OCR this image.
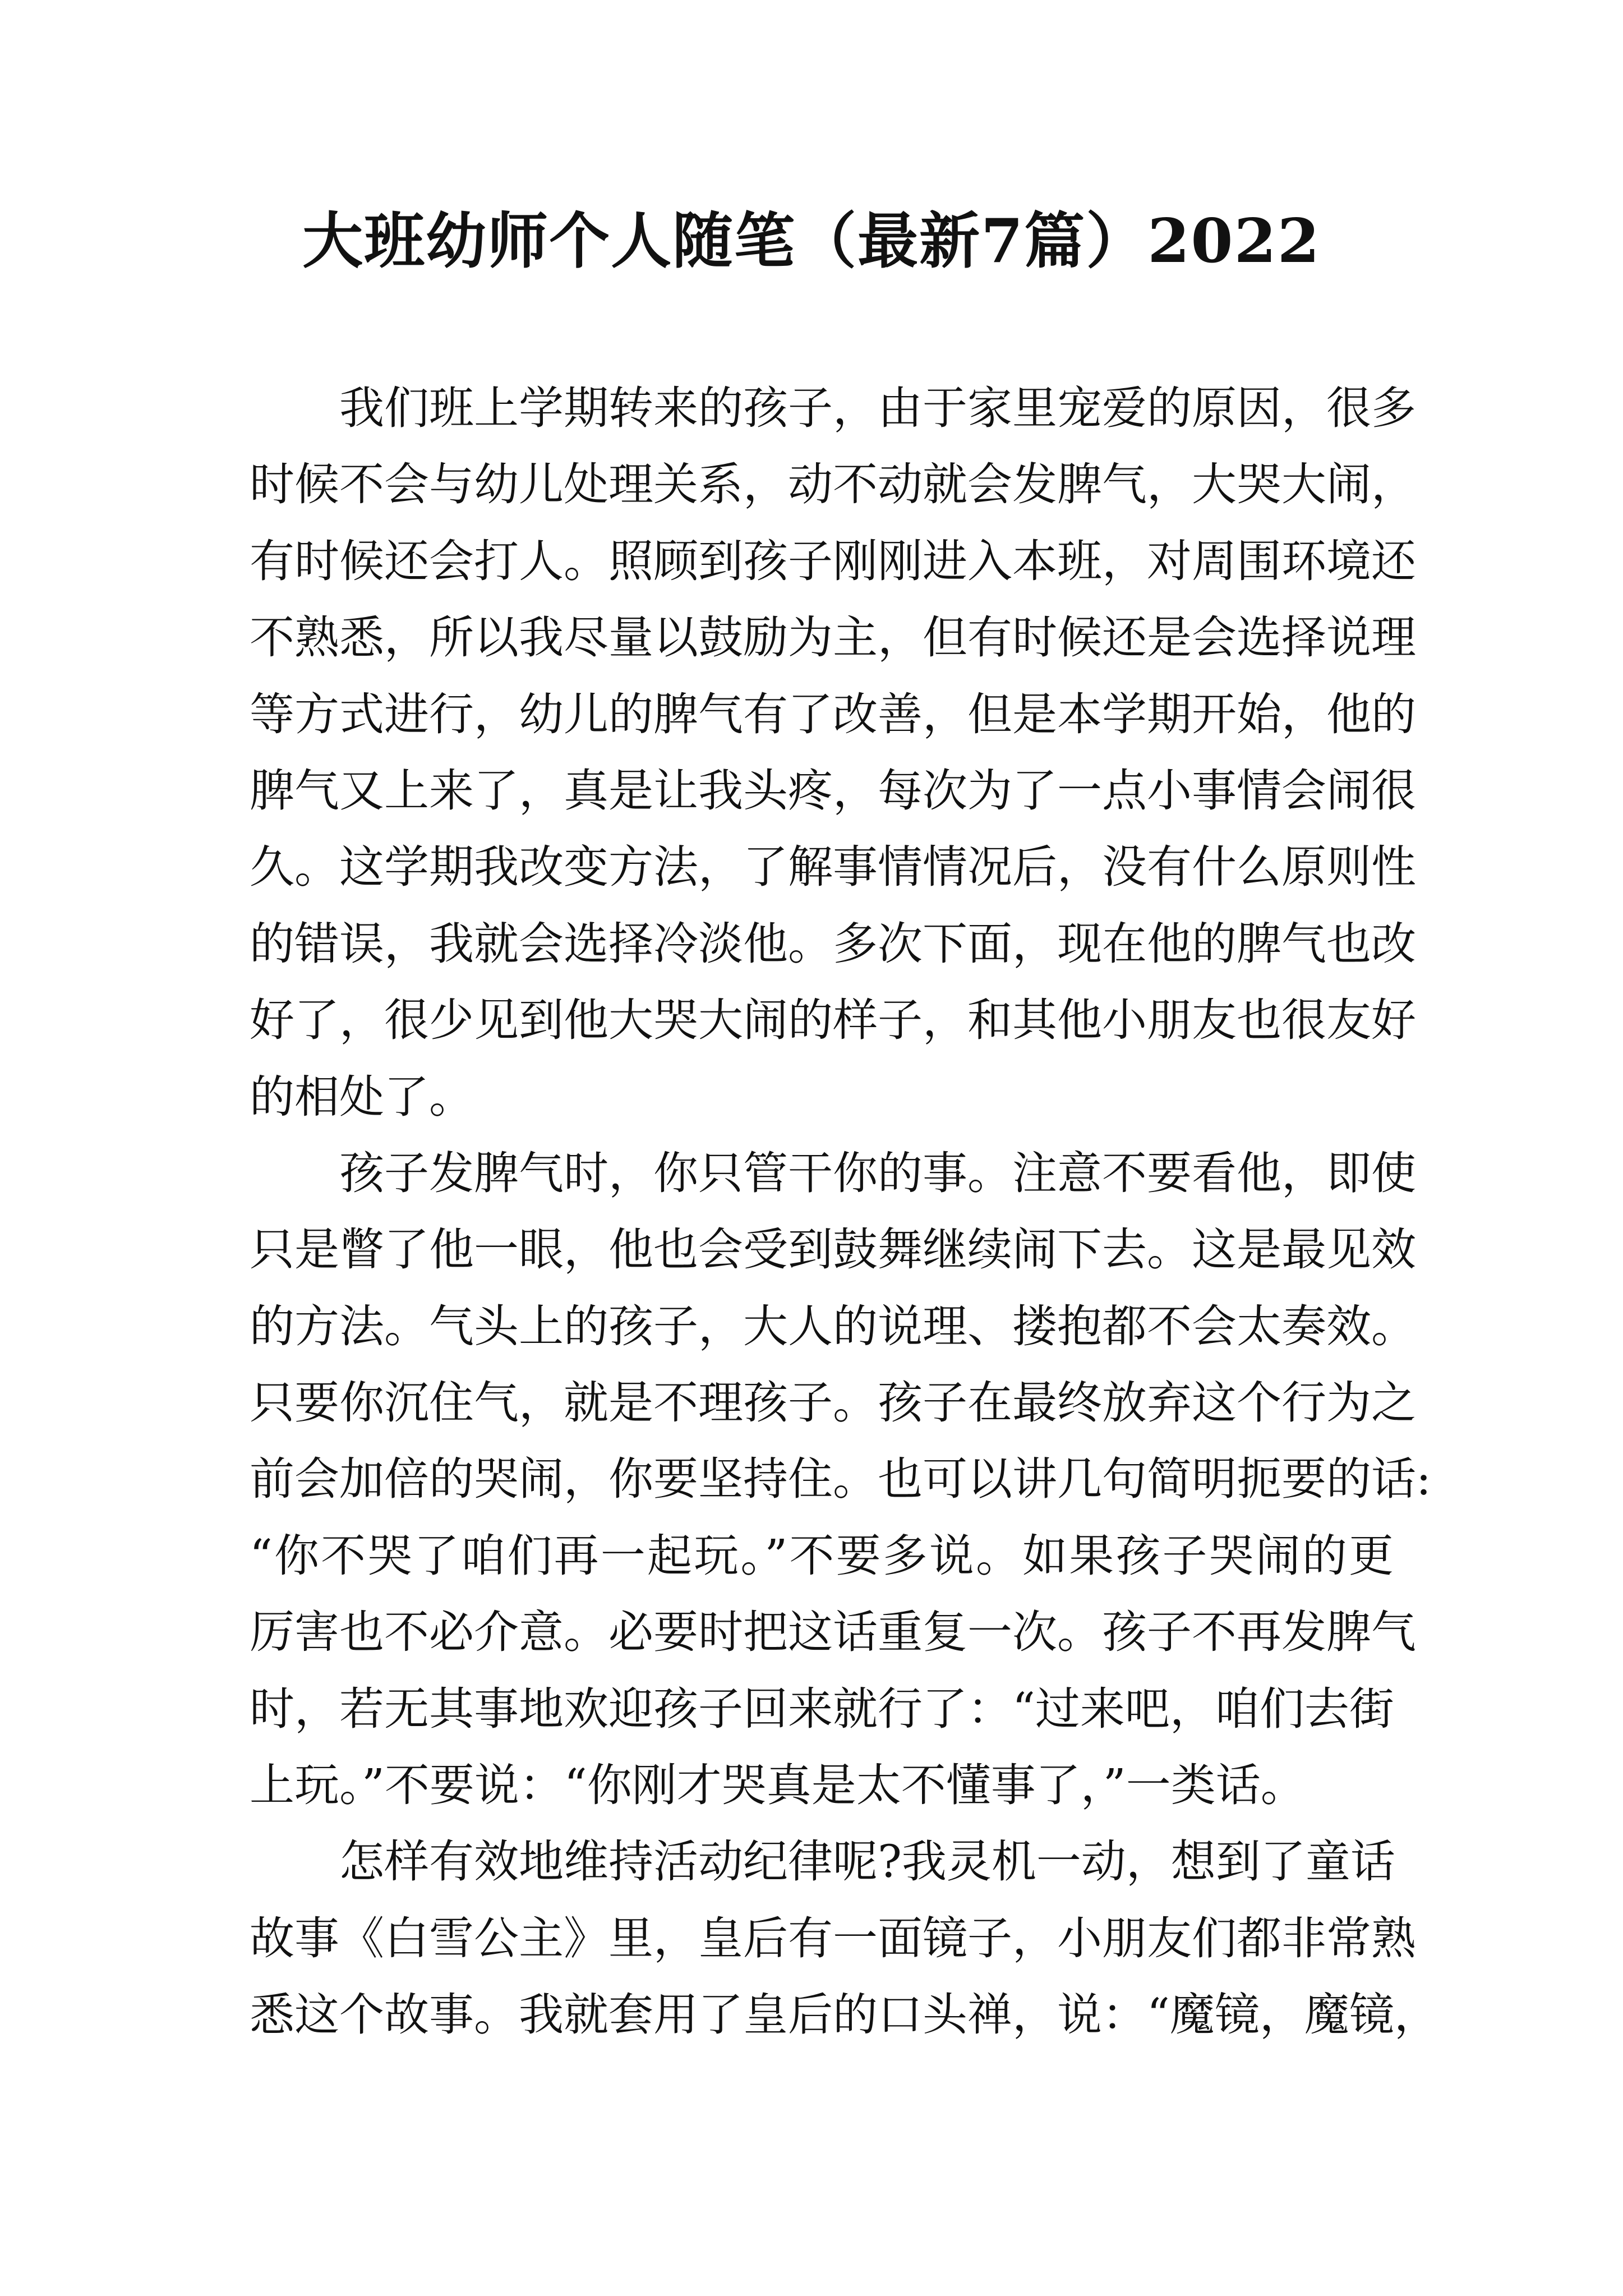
大班幼师个人随笔（最新7篇）2022
我们班上学期转来的孩子，由于家里宠爱的原因，很多
时候不会与幼儿处理关系，动不动就会发脾气，大哭大闹，
有时候还会打人。照顾到孩子刚刚进入本班，对周围环境还
不熟悉，所以我尽量以鼓励为主，但有时候还是会选择说理
等方式进行，幼儿的脾气有了改善，但是本学期开始，他的
脾气又上来了，真是让我头疼，每次为了一点小事情会闹很
久。这学期我改变方法，了解事情情况后，没有什么原则性
的错误，我就会选择冷淡他。多次下面，现在他的脾气也改
好了，很少见到他大哭大闹的样子，和其他小朋友也很友好
的相处了。
孩子发脾气时，你只管干你的事。注意不要看他，即使
只是瞥了他一眼，他也会受到鼓舞继续闹下去。这是最见效
的方法。气头上的孩子，大人的说理、搂抱都不会太奏效。
只要你沉住气，就是不理孩子。孩子在最终放弃这个行为之
前会加倍的哭闹，你要坚持住。也可以讲几句简明扼要的话:
“你不哭了咱们再一起玩。”不要多说。如果孩子哭闹的更
厉害也不必介意。必要时把这话重复一次。孩子不再发脾气
时，若无其事地欢迎孩子回来就行了：“过来吧，咱们去街
上玩。”不要说：“你刚才哭真是太不懂事了，”一类话。
怎样有效地维持活动纪律呢?我灵机一动，想到了童话
故事《白雪公主》里，皇后有一面镜子，小朋友们都非常熟
悉这个故事。我就套用了皇后的口头禅，说：“魔镜，魔镜，
